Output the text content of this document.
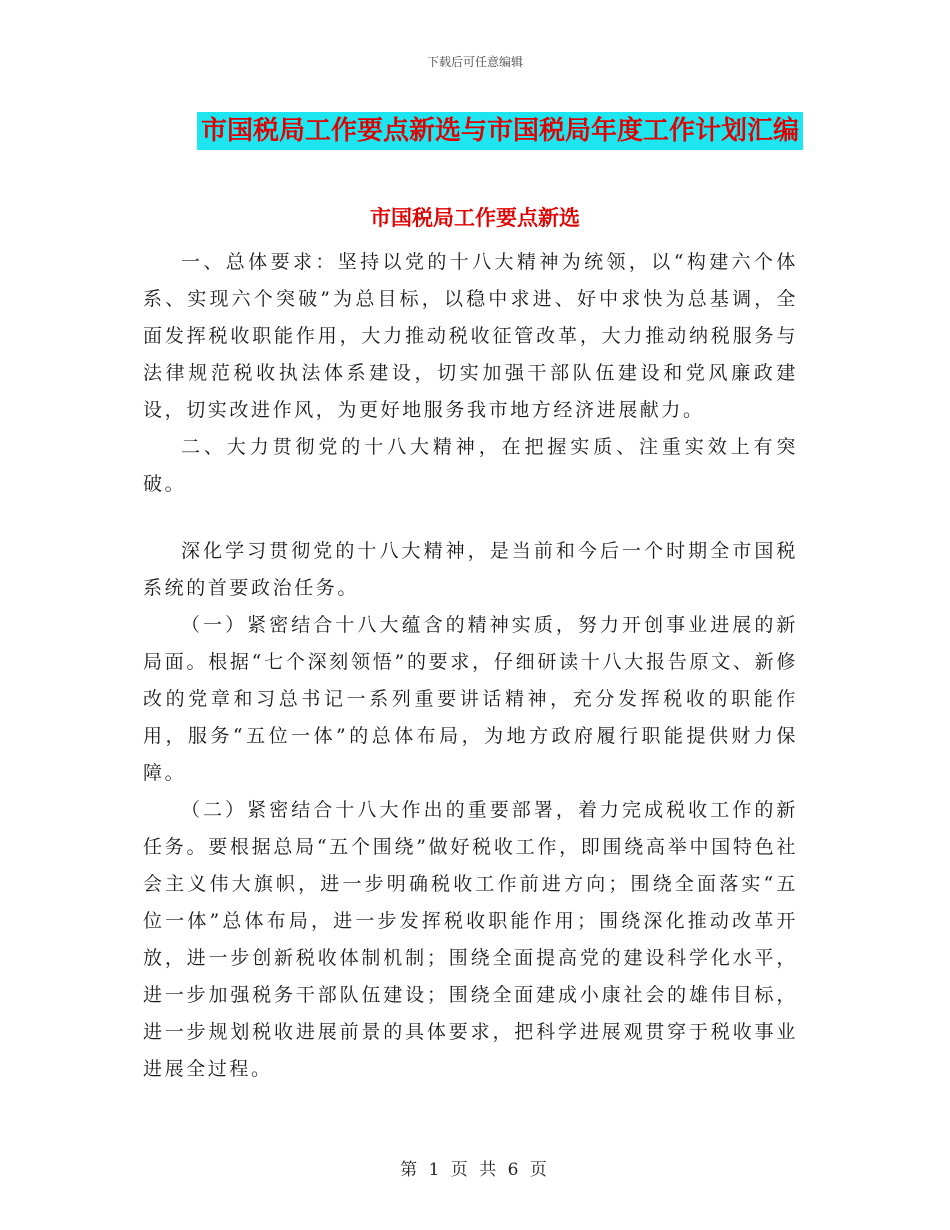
下载后可任意编辑
市国税局工作要点新选与市国税局年度工作计划汇编
市国税局工作要点新选

一、总体要求：坚持以党的十八大精神为统领，以“构建六个体系、实现六个突破”为总目标，以稳中求进、好中求快为总基调，全面发挥税收职能作用，大力推动税收征管改革，大力推动纳税服务与法律规范税收执法体系建设，切实加强干部队伍建设和党风廉政建设，切实改进作风，为更好地服务我市地方经济进展献力。

二、大力贯彻党的十八大精神，在把握实质、注重实效上有突破。

深化学习贯彻党的十八大精神，是当前和今后一个时期全市国税系统的首要政治任务。

（一）紧密结合十八大蕴含的精神实质，努力开创事业进展的新局面。根据“七个深刻领悟”的要求，仔细研读十八大报告原文、新修改的党章和习总书记一系列重要讲话精神，充分发挥税收的职能作用，服务“五位一体”的总体布局，为地方政府履行职能提供财力保障。

（二）紧密结合十八大作出的重要部署，着力完成税收工作的新任务。要根据总局“五个围绕”做好税收工作，即围绕高举中国特色社会主义伟大旗帜，进一步明确税收工作前进方向；围绕全面落实“五位一体”总体布局，进一步发挥税收职能作用；围绕深化推动改革开放，进一步创新税收体制机制；围绕全面提高党的建设科学化水平，进一步加强税务干部队伍建设；围绕全面建成小康社会的雄伟目标，进一步规划税收进展前景的具体要求，把科学进展观贯穿于税收事业进展全过程。

第 1 页 共 6 页
